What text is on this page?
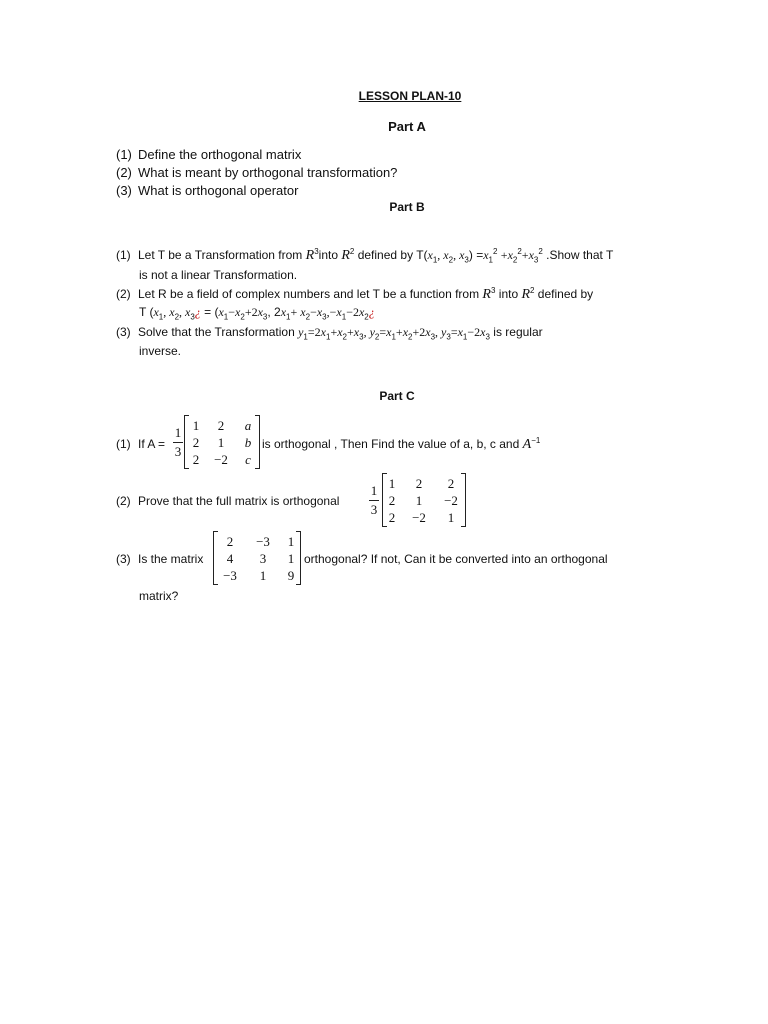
LESSON PLAN-10
Part A
(1) Define the orthogonal matrix
(2) What is meant by orthogonal transformation?
(3) What is orthogonal operator
Part B
(1) Let T be a Transformation from $R^3into$ $R^2$ defined by $T(x_1$, $x_2$, $x_3) =x_1^2 +x_2^2+x_3^2$ .Show that T
is not a linear Transformation.
(2) Let R be a field of complex numbers and let T be a function from $R^3$ into $R^2$ defined by
T ($x_1$, $x_2$, $x_3¿ = (x_1-x_2+2x_3$, $2x_1+$ $x_2-x_3,-x_1-2x_2¿$
(3) Solve that the Transformation $y_1=2x_1+x_2+x_3$, $y_2=x_1+x_2+2x_3$, $y_3=x_1-2x_3$ is regular
inverse.
Part C
(1) If A =
1
3
1	2	a
2	1	b
2	−2	c
is orthogonal , Then Find the value of a, b, c and $A^{-1}$
(2) Prove that the full matrix is orthogonal
1
3
1	2	2
2	1	−2
2	−2	1
(3) Is the matrix
2	−3	1
4	3	1
−3	1	9
orthogonal? If not, Can it be converted into an orthogonal
matrix?
